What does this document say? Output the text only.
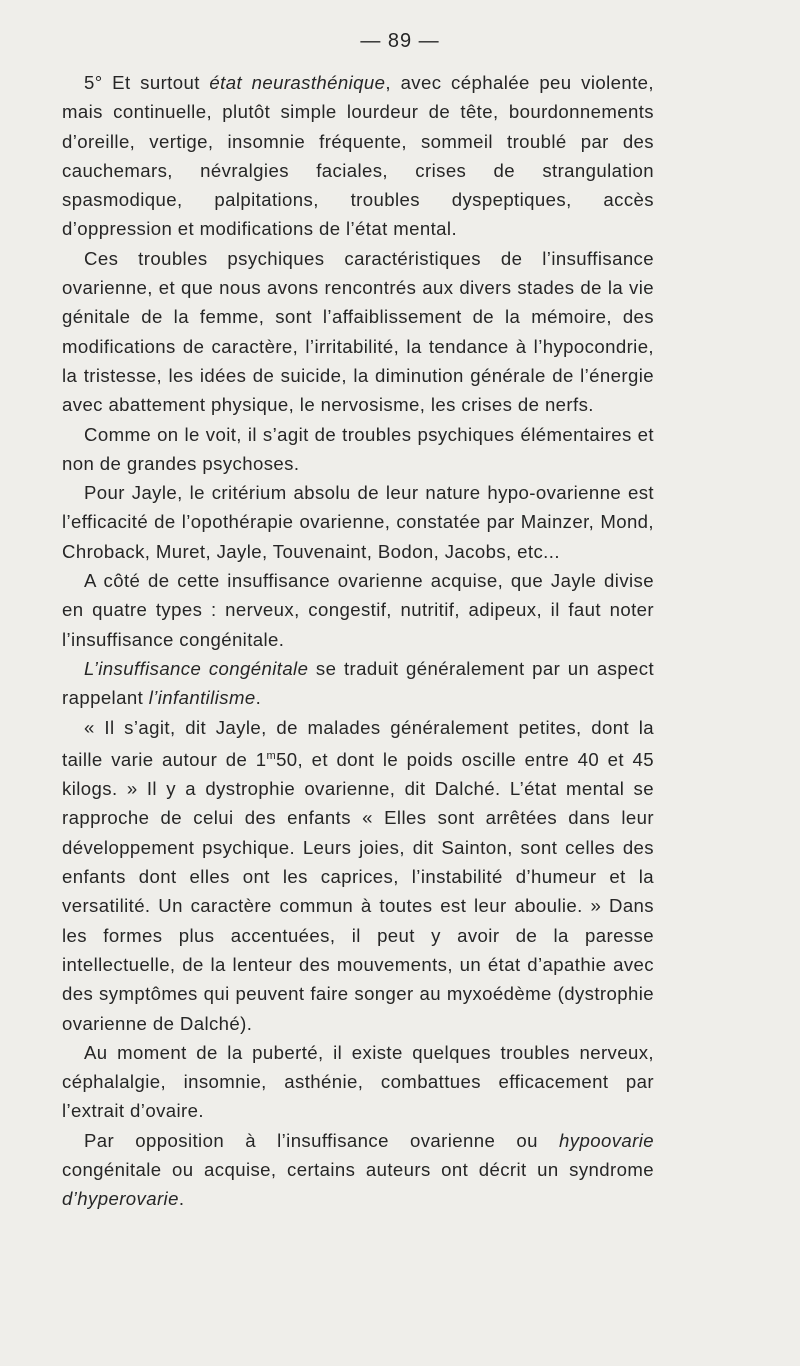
— 89 —

5° Et surtout état neurasthénique, avec céphalée peu violente, mais continuelle, plutôt simple lourdeur de tête, bourdonnements d’oreille, vertige, insomnie fréquente, sommeil troublé par des cauchemars, névralgies faciales, crises de strangulation spasmodique, palpitations, troubles dyspeptiques, accès d’oppression et modifications de l’état mental.

Ces troubles psychiques caractéristiques de l’insuffisance ovarienne, et que nous avons rencontrés aux divers stades de la vie génitale de la femme, sont l’affaiblissement de la mémoire, des modifications de caractère, l’irritabilité, la tendance à l’hypocondrie, la tristesse, les idées de suicide, la diminution générale de l’énergie avec abattement physique, le nervosisme, les crises de nerfs.

Comme on le voit, il s’agit de troubles psychiques élémentaires et non de grandes psychoses.

Pour Jayle, le critérium absolu de leur nature hypo-ovarienne est l’efficacité de l’opothérapie ovarienne, constatée par Mainzer, Mond, Chroback, Muret, Jayle, Touvenaint, Bodon, Jacobs, etc...

A côté de cette insuffisance ovarienne acquise, que Jayle divise en quatre types : nerveux, congestif, nutritif, adipeux, il faut noter l’insuffisance congénitale.

L’insuffisance congénitale se traduit généralement par un aspect rappelant l’infantilisme.

« Il s’agit, dit Jayle, de malades généralement petites, dont la taille varie autour de 1$^m$50, et dont le poids oscille entre 40 et 45 kilogs. » Il y a dystrophie ovarienne, dit Dalché. L’état mental se rapproche de celui des enfants « Elles sont arrêtées dans leur développement psychique. Leurs joies, dit Sainton, sont celles des enfants dont elles ont les caprices, l’instabilité d’humeur et la versatilité. Un caractère commun à toutes est leur aboulie. » Dans les formes plus accentuées, il peut y avoir de la paresse intellectuelle, de la lenteur des mouvements, un état d’apathie avec des symptômes qui peuvent faire songer au myxoédème (dystrophie ovarienne de Dalché).

Au moment de la puberté, il existe quelques troubles nerveux, céphalalgie, insomnie, asthénie, combattues efficacement par l’extrait d’ovaire.

Par opposition à l’insuffisance ovarienne ou hypoovarie congénitale ou acquise, certains auteurs ont décrit un syndrome d’hyperovarie.
